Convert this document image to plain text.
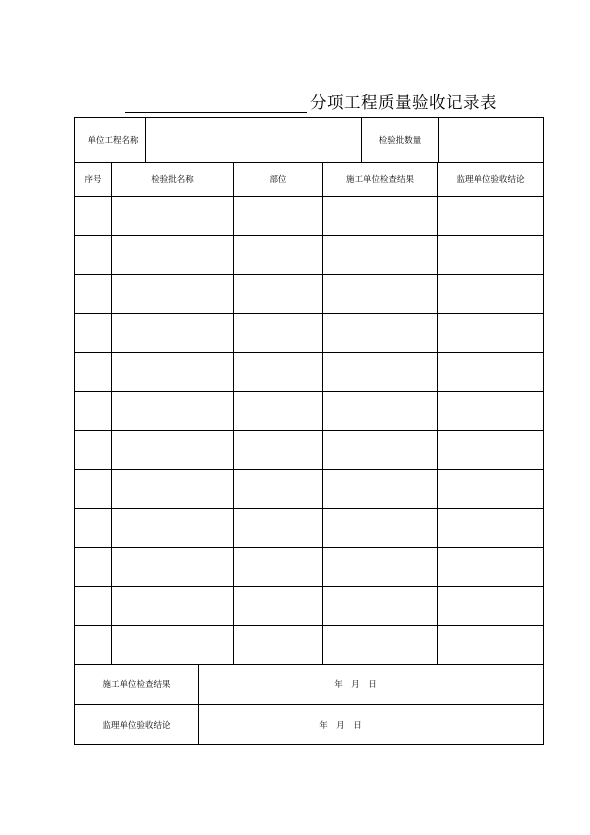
分项工程质量验收记录表
单位工程名称		检验批数量	
序号	检验批名称	部位	施工单位检查结果	监理单位验收结论

施工单位检查结果	年　月　日
监理单位验收结论	年　月　日
